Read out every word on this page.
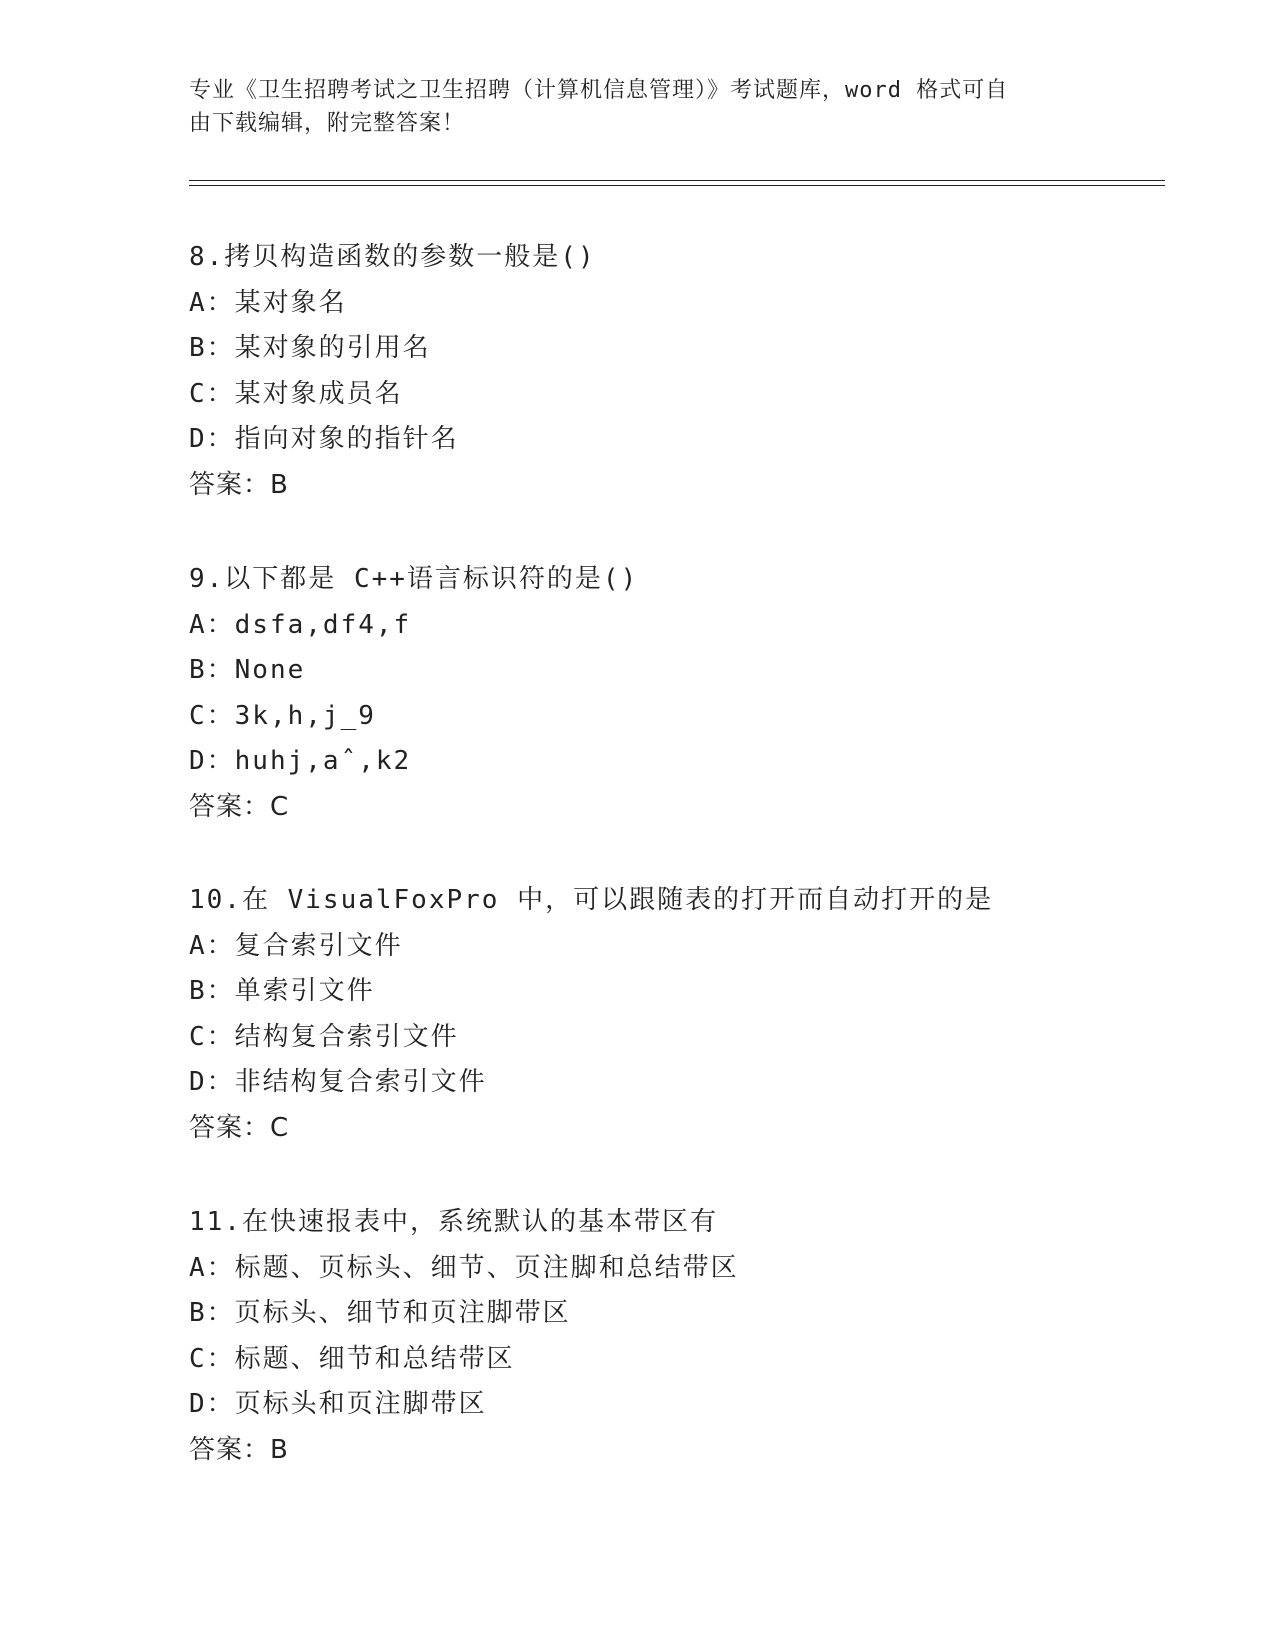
专业《卫生招聘考试之卫生招聘（计算机信息管理）》考试题库，word 格式可自
由下载编辑，附完整答案！
8.拷贝构造函数的参数一般是()
A：某对象名
B：某对象的引用名
C：某对象成员名
D：指向对象的指针名
答案：B
9.以下都是 C++语言标识符的是()
A：dsfa,df4,f
B：None
C：3k,h,j_9
D：huhj,aˆ,k2
答案：C
10.在 VisualFoxPro 中，可以跟随表的打开而自动打开的是
A：复合索引文件
B：单索引文件
C：结构复合索引文件
D：非结构复合索引文件
答案：C
11.在快速报表中，系统默认的基本带区有
A：标题、页标头、细节、页注脚和总结带区
B：页标头、细节和页注脚带区
C：标题、细节和总结带区
D：页标头和页注脚带区
答案：B
